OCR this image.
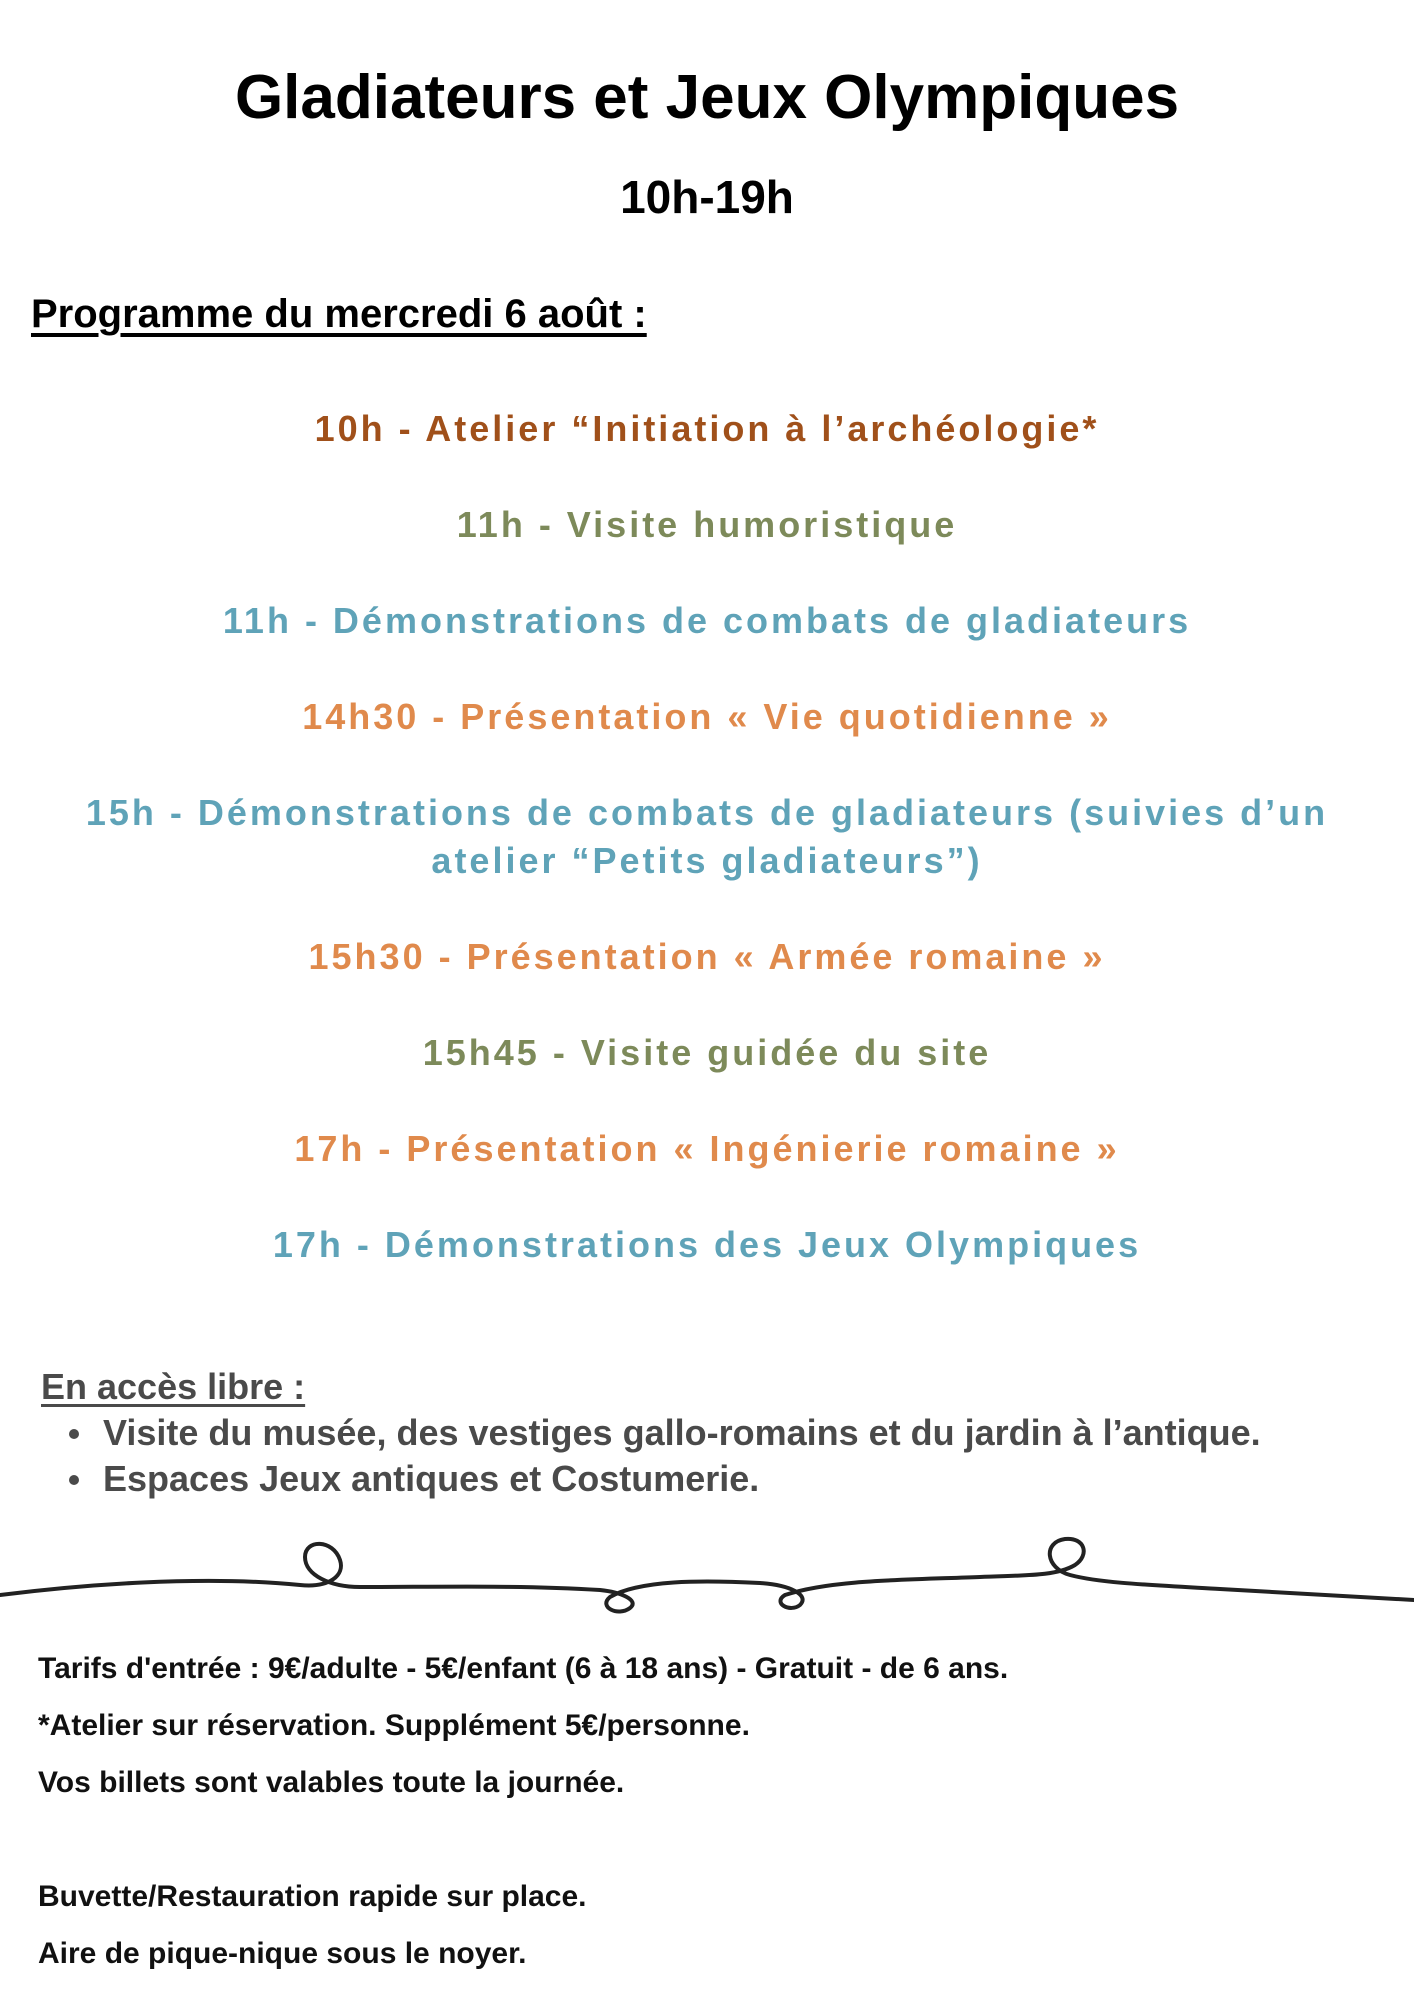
Gladiateurs et Jeux Olympiques
10h-19h
Programme du mercredi 6 août :
10h - Atelier “Initiation à l’archéologie*
11h - Visite humoristique
11h - Démonstrations de combats de gladiateurs
14h30 - Présentation « Vie quotidienne »
15h - Démonstrations de combats de gladiateurs (suivies d’un atelier “Petits gladiateurs”)
15h30 - Présentation « Armée romaine »
15h45 - Visite guidée du site
17h - Présentation « Ingénierie romaine »
17h - Démonstrations des Jeux Olympiques
En accès libre :
Visite du musée, des vestiges gallo-romains et du jardin à l’antique.
Espaces Jeux antiques et Costumerie.

Tarifs d'entrée : 9€/adulte - 5€/enfant (6 à 18 ans) - Gratuit - de 6 ans.

*Atelier sur réservation. Supplément 5€/personne.

Vos billets sont valables toute la journée.

Buvette/Restauration rapide sur place.

Aire de pique-nique sous le noyer.
